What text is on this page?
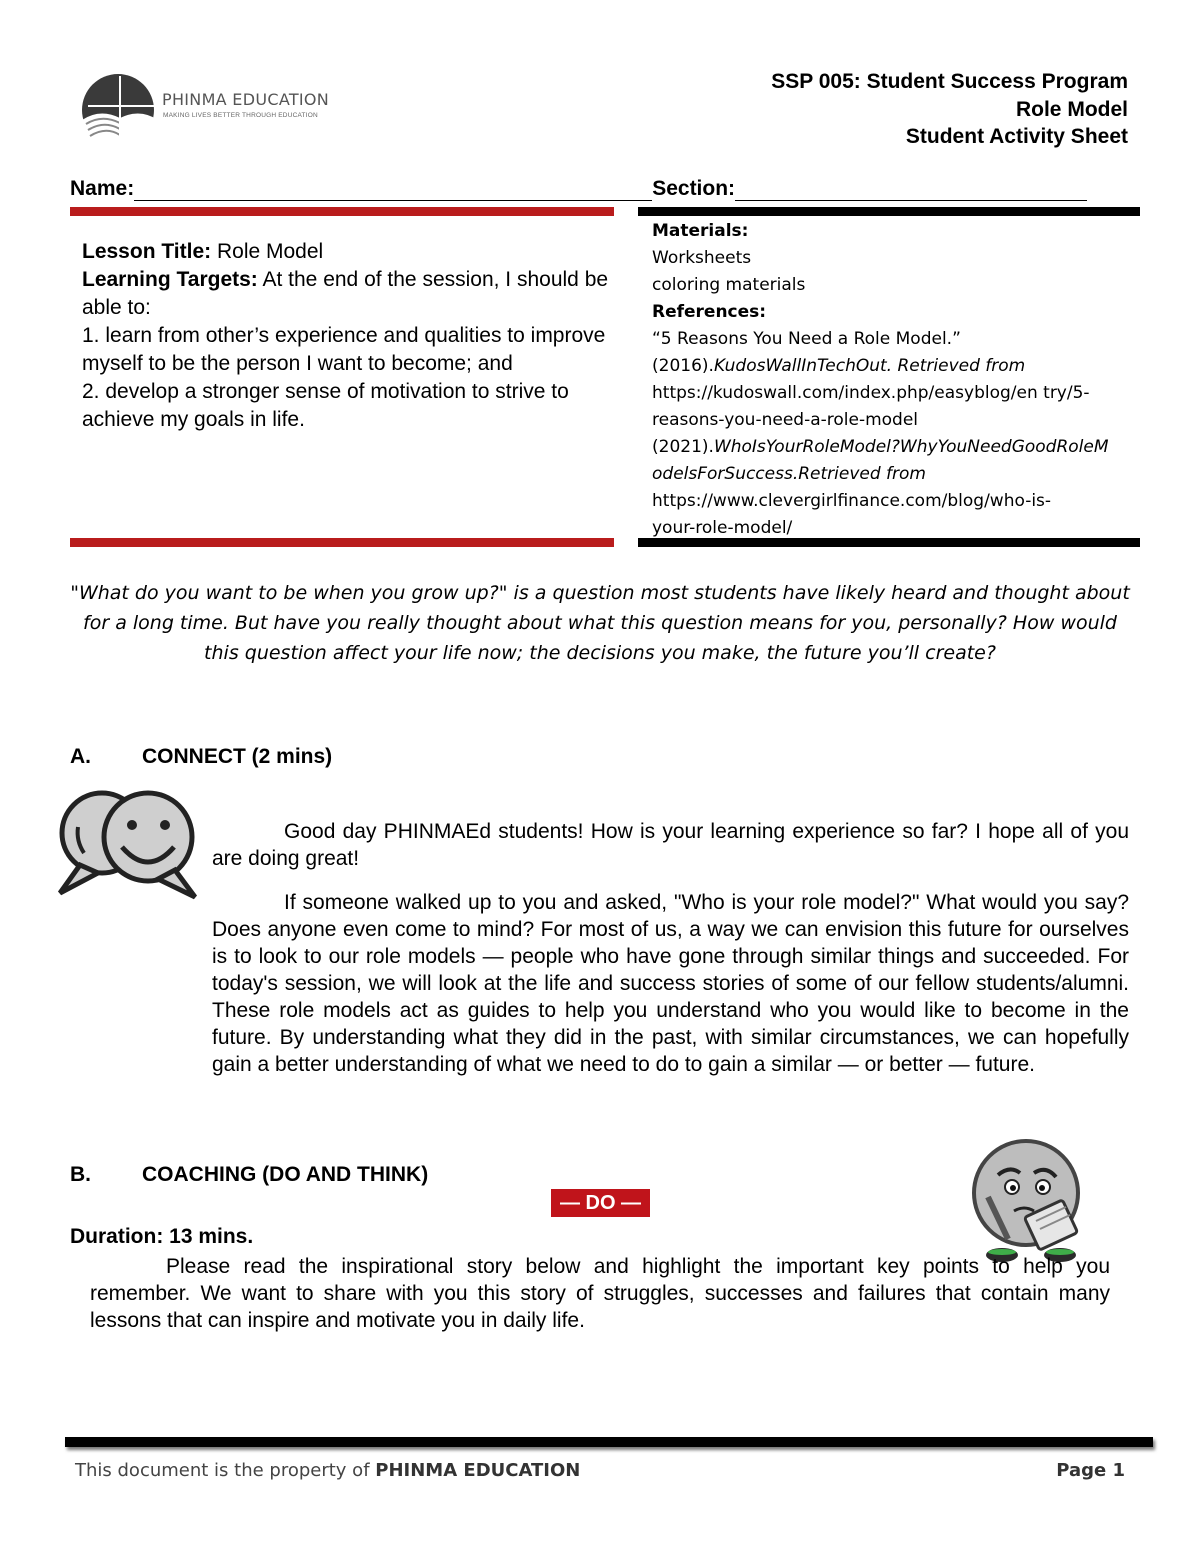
PHINMA EDUCATION
MAKING LIVES BETTER THROUGH EDUCATION
SSP 005: Student Success Program
Role Model
Student Activity Sheet
Name:	Section:

Lesson Title: Role Model

Learning Targets: At the end of the session, I should be able to:

1. learn from other’s experience and qualities to improve myself to be the person I want to become; and

2. develop a stronger sense of motivation to strive to achieve my goals in life.

Materials:
Worksheets
coloring materials
References:
“5 Reasons You Need a Role Model.”
(2016).KudosWallInTechOut. Retrieved from
https://kudoswall.com/index.php/easyblog/en try/5-
reasons-you-need-a-role-model
(2021).WhoIsYourRoleModel?WhyYouNeedGoodRoleM
odelsForSuccess.Retrieved from
https://www.clevergirlfinance.com/blog/who-is-
your-role-model/
"What do you want to be when you grow up?" is a question most students have likely heard and thought about for a long time. But have you really thought about what this question means for you, personally? How would this question affect your life now; the decisions you make, the future you’ll create?
A. CONNECT (2 mins)
Good day PHINMAEd students! How is your learning experience so far? I hope all of you are doing great!
If someone walked up to you and asked, "Who is your role model?" What would you say? Does anyone even come to mind? For most of us, a way we can envision this future for ourselves is to look to our role models — people who have gone through similar things and succeeded. For today's session, we will look at the life and success stories of some of our fellow students/alumni. These role models act as guides to help you understand who you would like to become in the future. By understanding what they did in the past, with similar circumstances, we can hopefully gain a better understanding of what we need to do to gain a similar — or better — future.
B. COACHING (DO AND THINK)
— DO —
Duration: 13 mins.
Please read the inspirational story below and highlight the important key points to help you remember. We want to share with you this story of struggles, successes and failures that contain many lessons that can inspire and motivate you in daily life.
This document is the property of PHINMA EDUCATION	Page 1
